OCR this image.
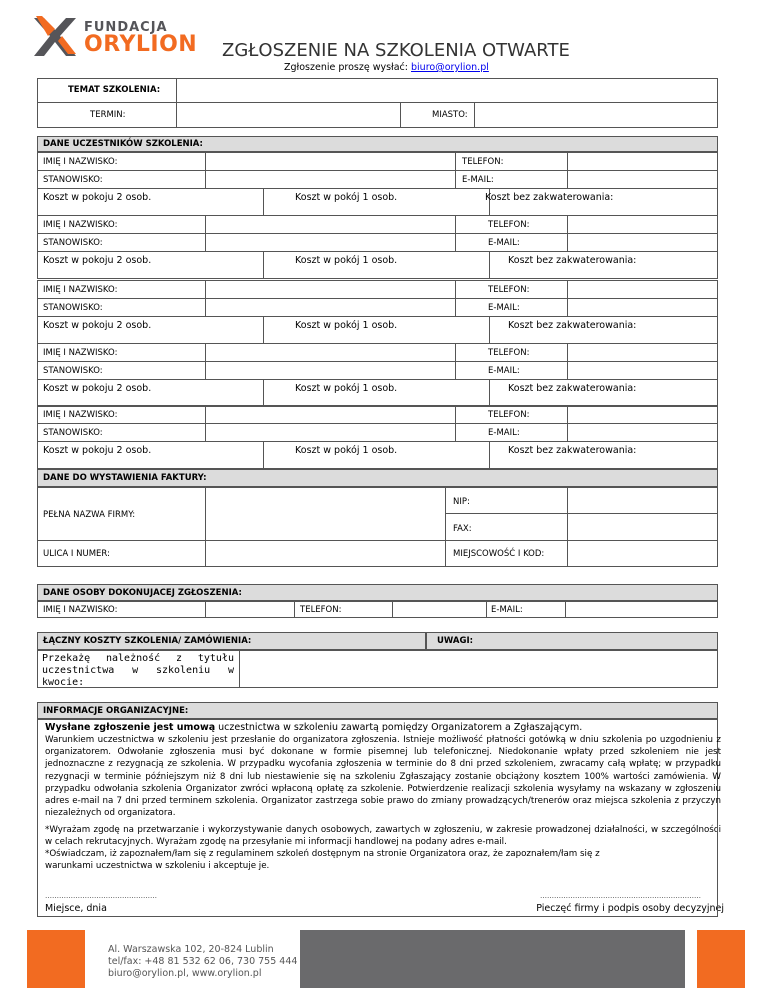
FUNDACJA
ORYLION ZGŁOSZENIE NA SZKOLENIA OTWARTE
Zgłoszenie proszę wysłać: biuro@orylion.pl
TEMAT SZKOLENIA:
TERMIN:	MIASTO:
DANE UCZESTNIKÓW SZKOLENIA:
IMIĘ I NAZWISKO:	TELEFON:
STANOWISKO:	E-MAIL:
Koszt w pokoju 2 osob.	Koszt w pokój 1 osob.	Koszt bez zakwaterowania:
IMIĘ I NAZWISKO:	TELEFON:
STANOWISKO:	E-MAIL:
Koszt w pokoju 2 osob.	Koszt w pokój 1 osob.	Koszt bez zakwaterowania:
IMIĘ I NAZWISKO:	TELEFON:
STANOWISKO:	E-MAIL:
Koszt w pokoju 2 osob.	Koszt w pokój 1 osob.	Koszt bez zakwaterowania:
IMIĘ I NAZWISKO:	TELEFON:
STANOWISKO:	E-MAIL:
Koszt w pokoju 2 osob.	Koszt w pokój 1 osob.	Koszt bez zakwaterowania:
IMIĘ I NAZWISKO:	TELEFON:
STANOWISKO:	E-MAIL:
Koszt w pokoju 2 osob.	Koszt w pokój 1 osob.	Koszt bez zakwaterowania:
DANE DO WYSTAWIENIA FAKTURY:
PEŁNA NAZWA FIRMY:
NIP:
FAX:
ULICA I NUMER:	MIEJSCOWOŚĆ I KOD:
DANE OSOBY DOKONUJACEJ ZGŁOSZENIA:
IMIĘ I NAZWISKO:	TELEFON:	E-MAIL:
ŁĄCZNY KOSZTY SZKOLENIA/ ZAMÓWIENIA:	UWAGI:
Przekażę należność z tytułu uczestnictwa w szkoleniu w kwocie:
INFORMACJE ORGANIZACYJNE:
Wysłane zgłoszenie jest umową uczestnictwa w szkoleniu zawartą pomiędzy Organizatorem a Zgłaszającym.
Warunkiem uczestnictwa w szkoleniu jest przesłanie do organizatora zgłoszenia. Istnieje możliwość płatności gotówką w dniu szkolenia po uzgodnieniu z organizatorem. Odwołanie zgłoszenia musi być dokonane w formie pisemnej lub telefonicznej. Niedokonanie wpłaty przed szkoleniem nie jest jednoznaczne z rezygnacją ze szkolenia. W przypadku wycofania zgłoszenia w terminie do 8 dni przed szkoleniem, zwracamy całą wpłatę; w przypadku rezygnacji w terminie późniejszym niż 8 dni lub niestawienie się na szkoleniu Zgłaszający zostanie obciążony kosztem 100% wartości zamówienia. W przypadku odwołania szkolenia Organizator zwróci wpłaconą opłatę za szkolenie. Potwierdzenie realizacji szkolenia wysyłamy na wskazany w zgłoszeniu adres e-mail na 7 dni przed terminem szkolenia. Organizator zastrzega sobie prawo do zmiany prowadzących/trenerów oraz miejsca szkolenia z przyczyn niezależnych od organizatora.
*Wyrażam zgodę na przetwarzanie i wykorzystywanie danych osobowych, zawartych w zgłoszeniu, w zakresie prowadzonej działalności, w szczególności w celach rekrutacyjnych. Wyrażam zgodę na przesyłanie mi informacji handlowej na podany adres e-mail.
*Oświadczam, iż zapoznałem/łam się z regulaminem szkoleń dostępnym na stronie Organizatora oraz, że zapoznałem/łam się z warunkami uczestnictwa w szkoleniu i akceptuje je.
…………………………………………
Miejsce, dnia
……………………………………………………………
Pieczęć firmy i podpis osoby decyzyjnej
Al. Warszawska 102, 20-824 Lublin
tel/fax: +48 81 532 62 06, 730 755 444
biuro@orylion.pl, www.orylion.pl
